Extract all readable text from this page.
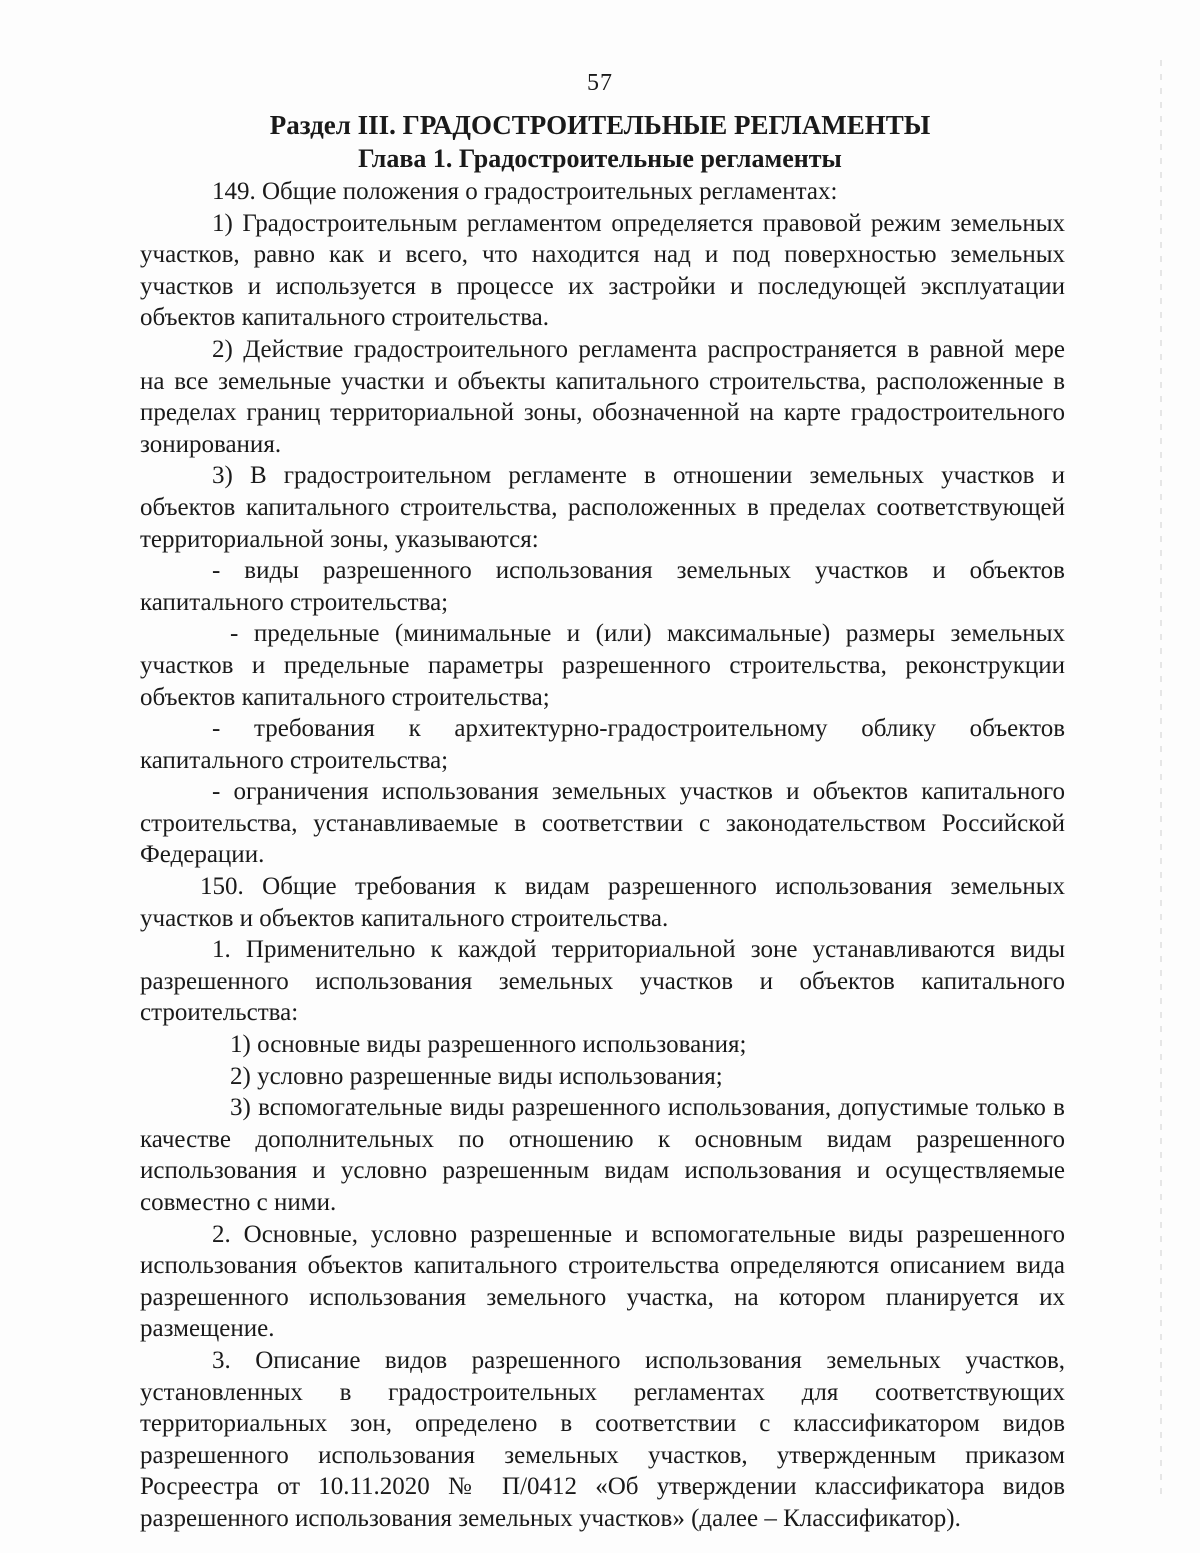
57
Раздел III. ГРАДОСТРОИТЕЛЬНЫЕ РЕГЛАМЕНТЫ
Глава 1. Градостроительные регламенты

149. Общие положения о градостроительных регламентах:

1) Градостроительным регламентом определяется правовой режим земельных участков, равно как и всего, что находится над и под поверхностью земельных участков и используется в процессе их застройки и последующей эксплуатации объектов капитального строительства.

2) Действие градостроительного регламента распространяется в равной мере на все земельные участки и объекты капитального строительства, расположенные в пределах границ территориальной зоны, обозначенной на карте градостроительного зонирования.

3) В градостроительном регламенте в отношении земельных участков и объектов капитального строительства, расположенных в пределах соответствующей территориальной зоны, указываются:

- виды разрешенного использования земельных участков и объектов капитального строительства;

- предельные (минимальные и (или) максимальные) размеры земельных участков и предельные параметры разрешенного строительства, реконструкции объектов капитального строительства;

- требования к архитектурно-градостроительному облику объектов капитального строительства;

- ограничения использования земельных участков и объектов капитального строительства, устанавливаемые в соответствии с законодательством Российской Федерации.

150. Общие требования к видам разрешенного использования земельных участков и объектов капитального строительства.

1. Применительно к каждой территориальной зоне устанавливаются виды разрешенного использования земельных участков и объектов капитального строительства:

1) основные виды разрешенного использования;

2) условно разрешенные виды использования;

3) вспомогательные виды разрешенного использования, допустимые только в качестве дополнительных по отношению к основным видам разрешенного использования и условно разрешенным видам использования и осуществляемые совместно с ними.

2. Основные, условно разрешенные и вспомогательные виды разрешенного использования объектов капитального строительства определяются описанием вида разрешенного использования земельного участка, на котором планируется их размещение.

3. Описание видов разрешенного использования земельных участков, установленных в градостроительных регламентах для соответствующих территориальных зон, определено в соответствии с классификатором видов разрешенного использования земельных участков, утвержденным приказом Росреестра от 10.11.2020 № П/0412 «Об утверждении классификатора видов разрешенного использования земельных участков» (далее – Классификатор).
